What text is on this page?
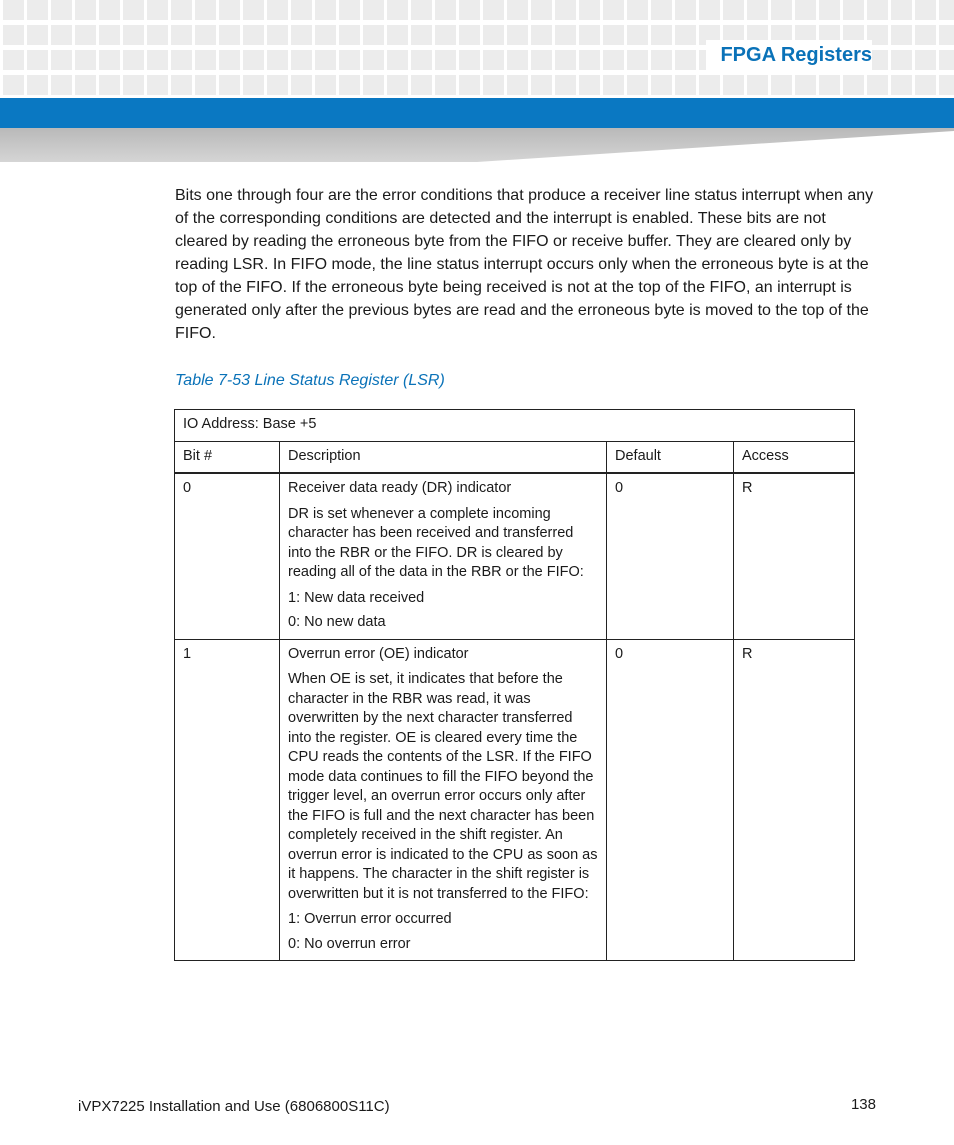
FPGA Registers

Bits one through four are the error conditions that produce a receiver line status interrupt when any of the corresponding conditions are detected and the interrupt is enabled. These bits are not cleared by reading the erroneous byte from the FIFO or receive buffer. They are cleared only by reading LSR. In FIFO mode, the line status interrupt occurs only when the erroneous byte is at the top of the FIFO. If the erroneous byte being received is not at the top of the FIFO, an interrupt is generated only after the previous bytes are read and the erroneous byte is moved to the top of the FIFO.

Table 7-53 Line Status Register (LSR)

IO Address: Base +5			
Bit #	Description	Default	Access
0	Receiver data ready (DR) indicator

DR is set whenever a complete incoming character has been received and transferred into the RBR or the FIFO. DR is cleared by reading all of the data in the RBR or the FIFO:

1: New data received

0: No new data	0	R
1	Overrun error (OE) indicator

When OE is set, it indicates that before the character in the RBR was read, it was overwritten by the next character transferred into the register. OE is cleared every time the CPU reads the contents of the LSR. If the FIFO mode data continues to fill the FIFO beyond the trigger level, an overrun error occurs only after the FIFO is full and the next character has been completely received in the shift register. An overrun error is indicated to the CPU as soon as it happens. The character in the shift register is overwritten but it is not transferred to the FIFO:

1: Overrun error occurred

0: No overrun error	0	R
iVPX7225 Installation and Use (6806800S11C)	138
